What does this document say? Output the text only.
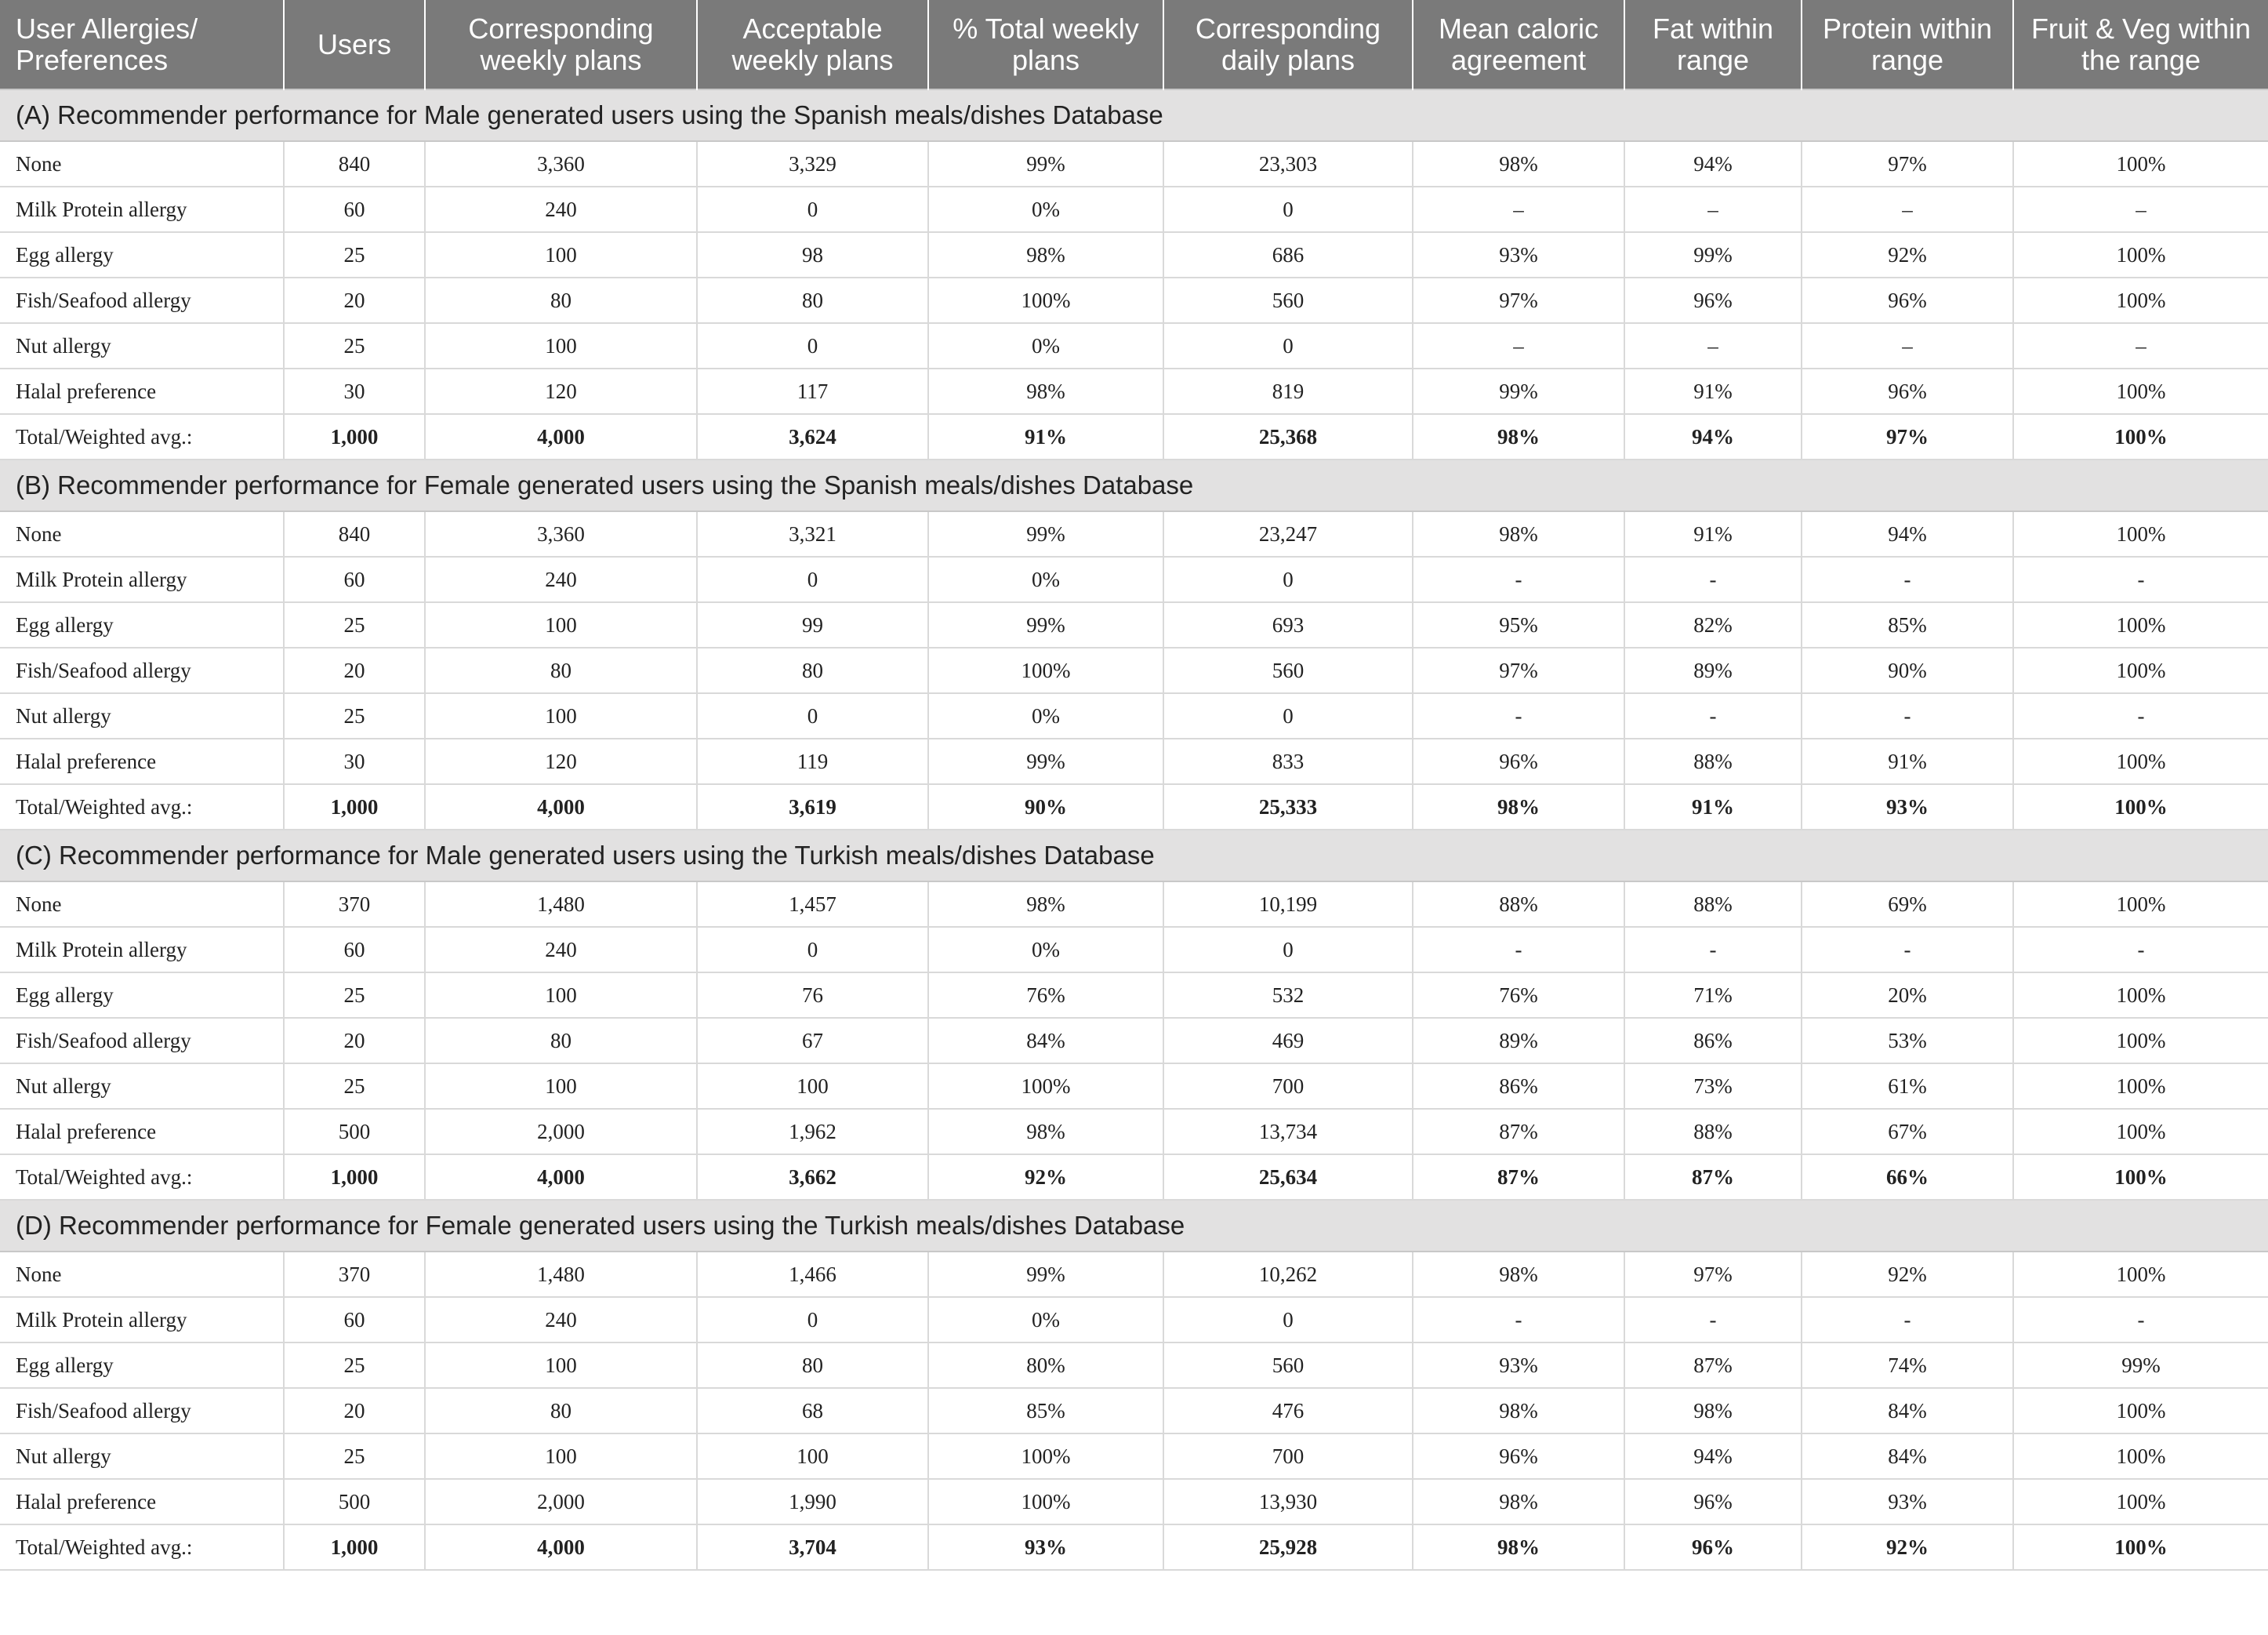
User Allergies/ Preferences	Users	Corresponding weekly plans	Acceptable weekly plans	% Total weekly plans	Corresponding daily plans	Mean caloric agreement	Fat within range	Protein within range	Fruit & Veg within the range
(A) Recommender performance for Male generated users using the Spanish meals/dishes Database									
None	840	3,360	3,329	99%	23,303	98%	94%	97%	100%
Milk Protein allergy	60	240	0	0%	0	–	–	–	–
Egg allergy	25	100	98	98%	686	93%	99%	92%	100%
Fish/Seafood allergy	20	80	80	100%	560	97%	96%	96%	100%
Nut allergy	25	100	0	0%	0	–	–	–	–
Halal preference	30	120	117	98%	819	99%	91%	96%	100%
Total/Weighted avg.:	1,000	4,000	3,624	91%	25,368	98%	94%	97%	100%
(B) Recommender performance for Female generated users using the Spanish meals/dishes Database									
None	840	3,360	3,321	99%	23,247	98%	91%	94%	100%
Milk Protein allergy	60	240	0	0%	0	-	-	-	-
Egg allergy	25	100	99	99%	693	95%	82%	85%	100%
Fish/Seafood allergy	20	80	80	100%	560	97%	89%	90%	100%
Nut allergy	25	100	0	0%	0	-	-	-	-
Halal preference	30	120	119	99%	833	96%	88%	91%	100%
Total/Weighted avg.:	1,000	4,000	3,619	90%	25,333	98%	91%	93%	100%
(C) Recommender performance for Male generated users using the Turkish meals/dishes Database									
None	370	1,480	1,457	98%	10,199	88%	88%	69%	100%
Milk Protein allergy	60	240	0	0%	0	-	-	-	-
Egg allergy	25	100	76	76%	532	76%	71%	20%	100%
Fish/Seafood allergy	20	80	67	84%	469	89%	86%	53%	100%
Nut allergy	25	100	100	100%	700	86%	73%	61%	100%
Halal preference	500	2,000	1,962	98%	13,734	87%	88%	67%	100%
Total/Weighted avg.:	1,000	4,000	3,662	92%	25,634	87%	87%	66%	100%
(D) Recommender performance for Female generated users using the Turkish meals/dishes Database									
None	370	1,480	1,466	99%	10,262	98%	97%	92%	100%
Milk Protein allergy	60	240	0	0%	0	-	-	-	-
Egg allergy	25	100	80	80%	560	93%	87%	74%	99%
Fish/Seafood allergy	20	80	68	85%	476	98%	98%	84%	100%
Nut allergy	25	100	100	100%	700	96%	94%	84%	100%
Halal preference	500	2,000	1,990	100%	13,930	98%	96%	93%	100%
Total/Weighted avg.:	1,000	4,000	3,704	93%	25,928	98%	96%	92%	100%
